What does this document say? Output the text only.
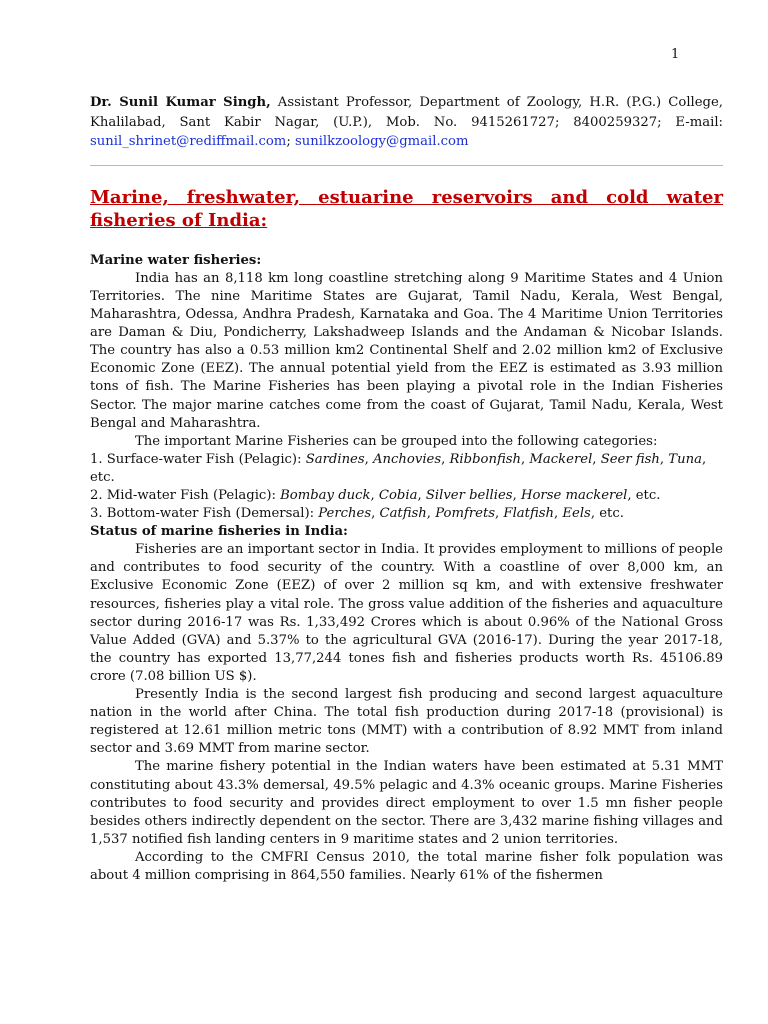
1
Dr. Sunil Kumar Singh, Assistant Professor, Department of Zoology, H.R. (P.G.) College, Khalilabad, Sant Kabir Nagar, (U.P.), Mob. No. 9415261727; 8400259327; E-mail: sunil_shrinet@rediffmail.com; sunilkzoology@gmail.com
Marine, freshwater, estuarine reservoirs and cold water fisheries of India:
Marine water fisheries:

India has an 8,118 km long coastline stretching along 9 Maritime States and 4 Union Territories. The nine Maritime States are Gujarat, Tamil Nadu, Kerala, West Bengal, Maharashtra, Odessa, Andhra Pradesh, Karnataka and Goa. The 4 Maritime Union Territories are Daman & Diu, Pondicherry, Lakshadweep Islands and the Andaman & Nicobar Islands. The country has also a 0.53 million km2 Continental Shelf and 2.02 million km2 of Exclusive Economic Zone (EEZ). The annual potential yield from the EEZ is estimated as 3.93 million tons of fish. The Marine Fisheries has been playing a pivotal role in the Indian Fisheries Sector. The major marine catches come from the coast of Gujarat, Tamil Nadu, Kerala, West Bengal and Maharashtra.

The important Marine Fisheries can be grouped into the following categories:

1. Surface-water Fish (Pelagic): Sardines, Anchovies, Ribbonfish, Mackerel, Seer fish, Tuna, etc.

2. Mid-water Fish (Pelagic): Bombay duck, Cobia, Silver bellies, Horse mackerel, etc.

3. Bottom-water Fish (Demersal): Perches, Catfish, Pomfrets, Flatfish, Eels, etc.

Status of marine fisheries in India:

Fisheries are an important sector in India. It provides employment to millions of people and contributes to food security of the country. With a coastline of over 8,000 km, an Exclusive Economic Zone (EEZ) of over 2 million sq km, and with extensive freshwater resources, fisheries play a vital role. The gross value addition of the fisheries and aquaculture sector during 2016-17 was Rs. 1,33,492 Crores which is about 0.96% of the National Gross Value Added (GVA) and 5.37% to the agricultural GVA (2016-17). During the year 2017-18, the country has exported 13,77,244 tones fish and fisheries products worth Rs. 45106.89 crore (7.08 billion US $).

Presently India is the second largest fish producing and second largest aquaculture nation in the world after China. The total fish production during 2017-18 (provisional) is registered at 12.61 million metric tons (MMT) with a contribution of 8.92 MMT from inland sector and 3.69 MMT from marine sector.

The marine fishery potential in the Indian waters have been estimated at 5.31 MMT constituting about 43.3% demersal, 49.5% pelagic and 4.3% oceanic groups. Marine Fisheries contributes to food security and provides direct employment to over 1.5 mn fisher people besides others indirectly dependent on the sector. There are 3,432 marine fishing villages and 1,537 notified fish landing centers in 9 maritime states and 2 union territories.

According to the CMFRI Census 2010, the total marine fisher folk population was about 4 million comprising in 864,550 families. Nearly 61% of the fishermen
